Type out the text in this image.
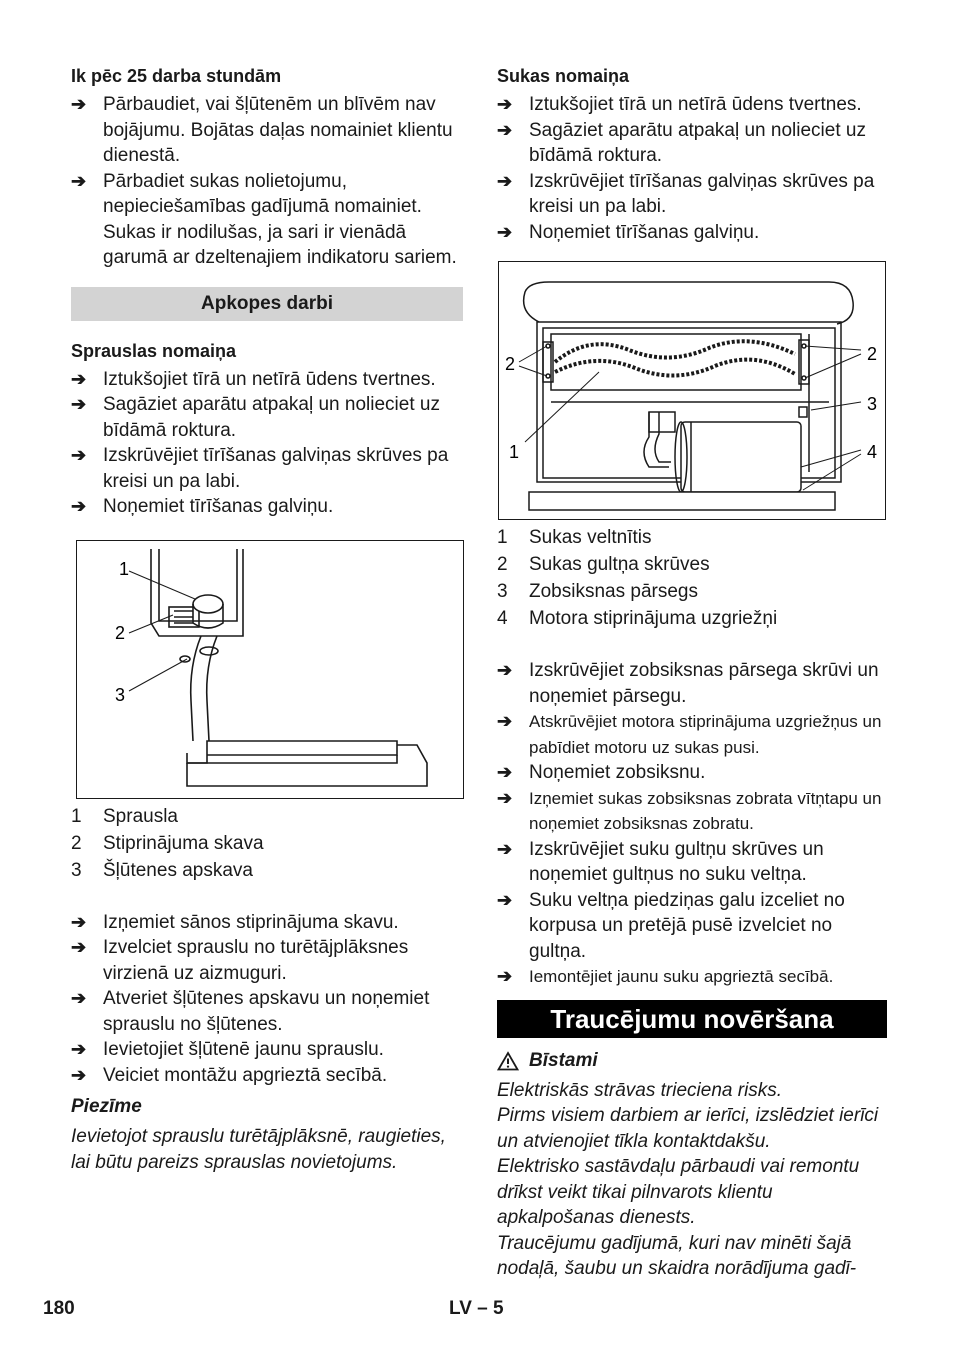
Ik pēc 25 darba stundām
➔ Pārbaudiet, vai šļūtenēm un blīvēm nav bojājumu. Bojātas daļas nomainiet klientu dienestā.
➔ Pārbadiet sukas nolietojumu, nepieciešamības gadījumā nomainiet.
Sukas ir nodilušas, ja sari ir vienādā garumā ar dzeltenajiem indikatoru sariem.
Apkopes darbi
Sprauslas nomaiņa
➔ Iztukšojiet tīrā un netīrā ūdens tvertnes.
➔ Sagāziet aparātu atpakaļ un nolieciet uz bīdāmā roktura.
➔ Izskrūvējiet tīrīšanas galviņas skrūves pa kreisi un pa labi.
➔ Noņemiet tīrīšanas galviņu.
1
2
3
1	Sprausla
2	Stiprinājuma skava
3	Šļūtenes apskava
➔ Izņemiet sānos stiprinājuma skavu.
➔ Izvelciet sprauslu no turētājplāksnes virzienā uz aizmuguri.
➔ Atveriet šļūtenes apskavu un noņemiet sprauslu no šļūtenes.
➔ Ievietojiet šļūtenē jaunu sprauslu.
➔ Veiciet montāžu apgrieztā secībā.
Piezīme
Ievietojot sprauslu turētājplāksnē, raugieties, lai būtu pareizs sprauslas novietojums.
Sukas nomaiņa
➔ Iztukšojiet tīrā un netīrā ūdens tvertnes.
➔ Sagāziet aparātu atpakaļ un nolieciet uz bīdāmā roktura.
➔ Izskrūvējiet tīrīšanas galviņas skrūves pa kreisi un pa labi.
➔ Noņemiet tīrīšanas galviņu.
2
1
2
3
4
1	Sukas veltnītis
2	Sukas gultņa skrūves
3	Zobsiksnas pārsegs
4	Motora stiprinājuma uzgriežņi
➔ Izskrūvējiet zobsiksnas pārsega skrūvi un noņemiet pārsegu.
➔ Atskrūvējiet motora stiprinājuma uzgriežņus un pabīdiet motoru uz sukas pusi.
➔ Noņemiet zobsiksnu.
➔ Izņemiet sukas zobsiksnas zobrata vītņtapu un noņemiet zobsiksnas zobratu.
➔ Izskrūvējiet suku gultņu skrūves un noņemiet gultņus no suku veltņa.
➔ Suku veltņa piedziņas galu izceliet no korpusa un pretējā pusē izvelciet no gultņa.
➔ Iemontējiet jaunu suku apgrieztā secībā.
Traucējumu novēršana
Bīstami
Elektriskās strāvas trieciena risks.
Pirms visiem darbiem ar ierīci, izslēdziet ierīci un atvienojiet tīkla kontaktdakšu.
Elektrisko sastāvdaļu pārbaudi vai remontu drīkst veikt tikai pilnvarots klientu apkalpošanas dienests.
Traucējumu gadījumā, kuri nav minēti šajā nodaļā, šaubu un skaidra norādījuma gadī-
180	LV – 5
